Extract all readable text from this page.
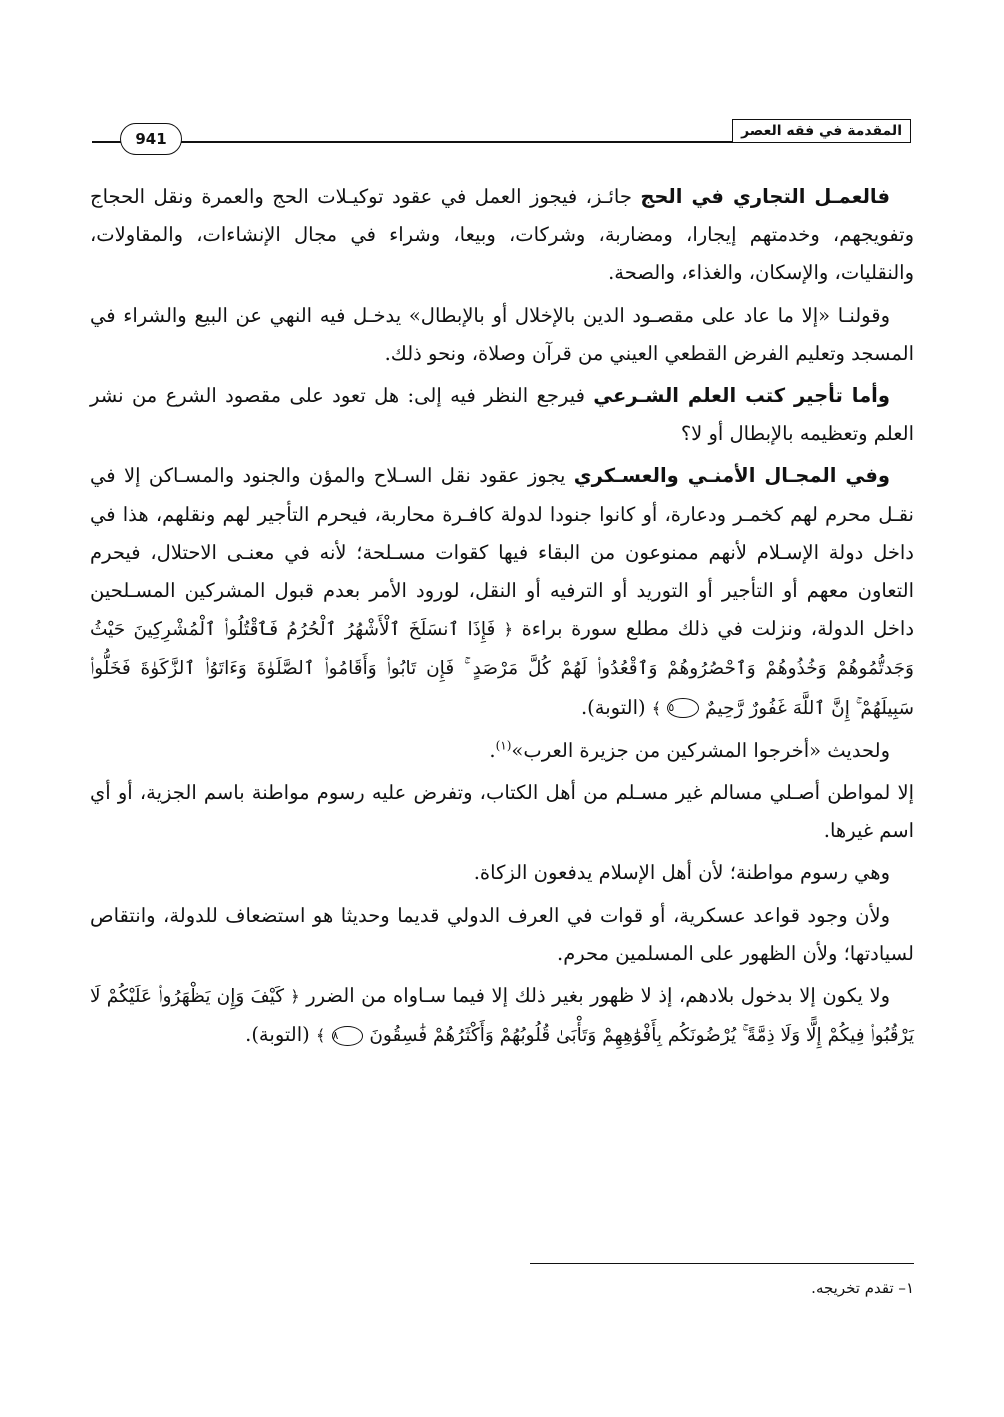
المقدمة في فقه العصر
941

فالعمـل التجاري في الحج جائـز، فيجوز العمل في عقود توكيـلات الحج والعمرة ونقل الحجاج وتفويجهم، وخدمتهم إيجارا، ومضاربة، وشركات، وبيعا، وشراء في مجال الإنشاءات، والمقاولات، والنقليات، والإسكان، والغذاء، والصحة.

وقولنـا «إلا ما عاد على مقصـود الدين بالإخلال أو بالإبطال» يدخـل فيه النهي عن البيع والشراء في المسجد وتعليم الفرض القطعي العيني من قرآن وصلاة، ونحو ذلك.

وأما تأجير كتب العلم الشـرعي فيرجع النظر فيه إلى: هل تعود على مقصود الشرع من نشر العلم وتعظيمه بالإبطال أو لا؟

وفي المجـال الأمنـي والعسـكري يجوز عقود نقل السـلاح والمؤن والجنود والمسـاكن إلا في نقـل محرم لهم كخمـر ودعارة، أو كانوا جنودا لدولة كافـرة محاربة، فيحرم التأجير لهم ونقلهم، هذا في داخل دولة الإسـلام لأنهم ممنوعون من البقاء فيها كقوات مسـلحة؛ لأنه في معنـى الاحتلال، فيحرم التعاون معهم أو التأجير أو التوريد أو الترفيه أو النقل، لورود الأمر بعدم قبول المشركين المسـلحين داخل الدولة، ونزلت في ذلك مطلع سورة براءة ﴿ فَإِذَا ٱنسَلَخَ ٱلْأَشْهُرُ ٱلْحُرُمُ فَٱقْتُلُوا۟ ٱلْمُشْرِكِينَ حَيْثُ وَجَدتُّمُوهُمْ وَخُذُوهُمْ وَٱحْصُرُوهُمْ وَٱقْعُدُوا۟ لَهُمْ كُلَّ مَرْصَدٍ ۚ فَإِن تَابُوا۟ وَأَقَامُوا۟ ٱلصَّلَوٰةَ وَءَاتَوُا۟ ٱلزَّكَوٰةَ فَخَلُّوا۟ سَبِيلَهُمْ ۚ إِنَّ ٱللَّهَ غَفُورٌ رَّحِيمٌ ٥ ﴾ (التوبة).

ولحديث «أخرجوا المشركين من جزيرة العرب»$^{(١)}$.

إلا لمواطن أصـلي مسالم غير مسـلم من أهل الكتاب، وتفرض عليه رسوم مواطنة باسم الجزية، أو أي اسم غيرها.

وهي رسوم مواطنة؛ لأن أهل الإسلام يدفعون الزكاة.

ولأن وجود قواعد عسكرية، أو قوات في العرف الدولي قديما وحديثا هو استضعاف للدولة، وانتقاص لسيادتها؛ ولأن الظهور على المسلمين محرم.

ولا يكون إلا بدخول بلادهم، إذ لا ظهور بغير ذلك إلا فيما سـاواه من الضرر ﴿ كَيْفَ وَإِن يَظْهَرُوا۟ عَلَيْكُمْ لَا يَرْقُبُوا۟ فِيكُمْ إِلًّا وَلَا ذِمَّةً ۚ يُرْضُونَكُم بِأَفْوَٰهِهِمْ وَتَأْبَىٰ قُلُوبُهُمْ وَأَكْثَرُهُمْ فَٰسِقُونَ ٨ ﴾ (التوبة).

١– تقدم تخريجه.
